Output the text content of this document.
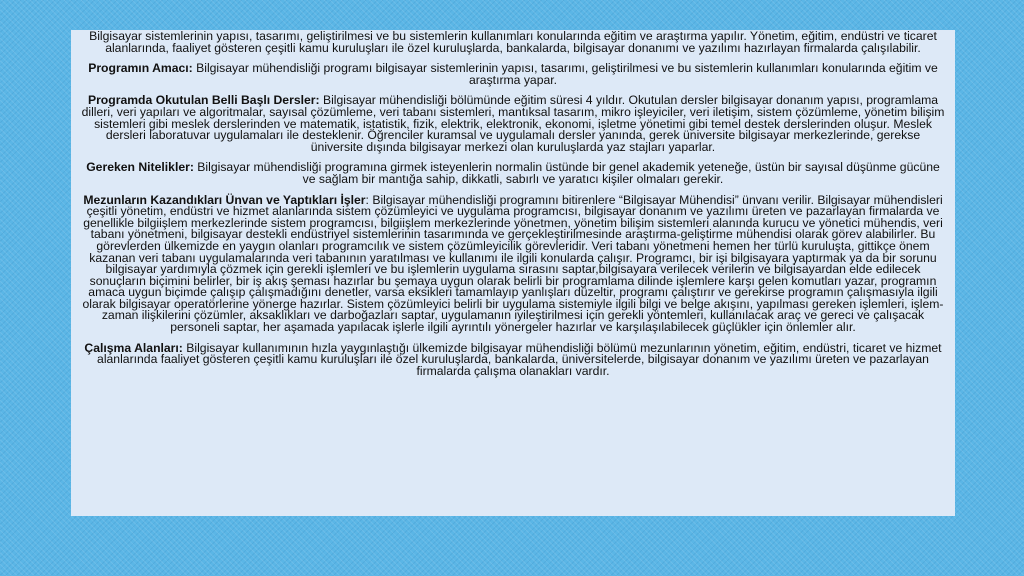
Bilgisayar sistemlerinin yapısı, tasarımı, geliştirilmesi ve bu sistemlerin kullanımları konularında eğitim ve araştırma yapılır. Yönetim, eğitim, endüstri ve ticaret alanlarında, faaliyet gösteren çeşitli kamu kuruluşları ile özel kuruluşlarda, bankalarda, bilgisayar donanımı ve yazılımı hazırlayan firmalarda çalışılabilir.

Programın Amacı: Bilgisayar mühendisliği programı bilgisayar sistemlerinin yapısı, tasarımı, geliştirilmesi ve bu sistemlerin kullanımları konularında eğitim ve araştırma yapar.

Programda Okutulan Belli Başlı Dersler: Bilgisayar mühendisliği bölümünde eğitim süresi 4 yıldır. Okutulan dersler bilgisayar donanım yapısı, programlama dilleri, veri yapıları ve algoritmalar, sayısal çözümleme, veri tabanı sistemleri, mantıksal tasarım, mikro işleyiciler, veri iletişim, sistem çözümleme, yönetim bilişim sistemleri gibi meslek derslerinden ve matematik, istatistik, fizik, elektrik, elektronik, ekonomi, işletme yönetimi gibi temel destek derslerinden oluşur. Meslek dersleri laboratuvar uygulamaları ile desteklenir. Öğrenciler kuramsal ve uygulamalı dersler yanında, gerek üniversite bilgisayar merkezlerinde, gerekse üniversite dışında bilgisayar merkezi olan kuruluşlarda yaz stajları yaparlar.

Gereken Nitelikler: Bilgisayar mühendisliği programına girmek isteyenlerin normalin üstünde bir genel akademik yeteneğe, üstün bir sayısal düşünme gücüne ve sağlam bir mantığa sahip, dikkatli, sabırlı ve yaratıcı kişiler olmaları gerekir.

Mezunların Kazandıkları Ünvan ve Yaptıkları İşler: Bilgisayar mühendisliği programını bitirenlere “Bilgisayar Mühendisi” ünvanı verilir. Bilgisayar mühendisleri çeşitli yönetim, endüstri ve hizmet alanlarında sistem çözümleyici ve uygulama programcısı, bilgisayar donanım ve yazılımı üreten ve pazarlayan firmalarda ve genellikle bilgiişlem merkezlerinde sistem programcısı, bilgiişlem merkezlerinde yönetmen, yönetim bilişim sistemleri alanında kurucu ve yönetici mühendis, veri tabanı yönetmeni, bilgisayar destekli endüstriyel sistemlerinin tasarımında ve gerçekleştirilmesinde araştırma-geliştirme mühendisi olarak görev alabilirler. Bu görevlerden ülkemizde en yaygın olanları programcılık ve sistem çözümleyicilik görevleridir. Veri tabanı yönetmeni hemen her türlü kuruluşta, gittikçe önem kazanan veri tabanı uygulamalarında veri tabanının yaratılması ve kullanımı ile ilgili konularda çalışır. Programcı, bir işi bilgisayara yaptırmak ya da bir sorunu bilgisayar yardımıyla çözmek için gerekli işlemleri ve bu işlemlerin uygulama sırasını saptar,bilgisayara verilecek verilerin ve bilgisayardan elde edilecek sonuçların biçimini belirler, bir iş akış şeması hazırlar bu şemaya uygun olarak belirli bir programlama dilinde işlemlere karşı gelen komutları yazar, programın amaca uygun biçimde çalışıp çalışmadığını denetler, varsa eksikleri tamamlayıp yanlışları düzeltir, programı çalıştırır ve gerekirse programın çalışmasıyla ilgili olarak bilgisayar operatörlerine yönerge hazırlar. Sistem çözümleyici belirli bir uygulama sistemiyle ilgili bilgi ve belge akışını, yapılması gereken işlemleri, işlem-zaman ilişkilerini çözümler, aksaklıkları ve darboğazları saptar, uygulamanın iyileştirilmesi için gerekli yöntemleri, kullanılacak araç ve gereci ve çalışacak personeli saptar, her aşamada yapılacak işlerle ilgili ayrıntılı yönergeler hazırlar ve karşılaşılabilecek güçlükler için önlemler alır.

Çalışma Alanları: Bilgisayar kullanımının hızla yaygınlaştığı ülkemizde bilgisayar mühendisliği bölümü mezunlarının yönetim, eğitim, endüstri, ticaret ve hizmet alanlarında faaliyet gösteren çeşitli kamu kuruluşları ile özel kuruluşlarda, bankalarda, üniversitelerde, bilgisayar donanım ve yazılımı üreten ve pazarlayan firmalarda çalışma olanakları vardır.
